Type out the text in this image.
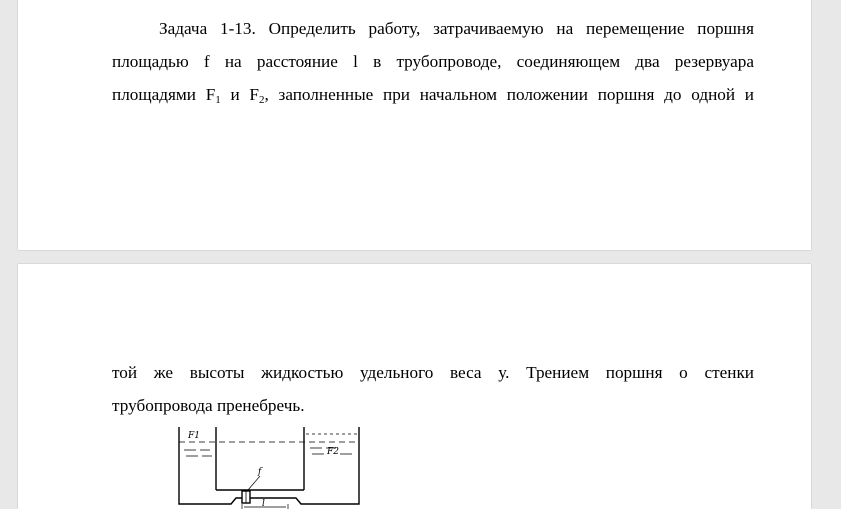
Задача 1-13. Определить работу, затрачиваемую на перемещение поршня
площадью f на расстояние l в трубопроводе, соединяющем два резервуара
площадями $F_1$ и $F_2$, заполненные при начальном положении поршня до одной и
той же высоты жидкостью удельного веса у. Трением поршня о стенки
трубопровода пренебречь.
F1
F2
f
l
